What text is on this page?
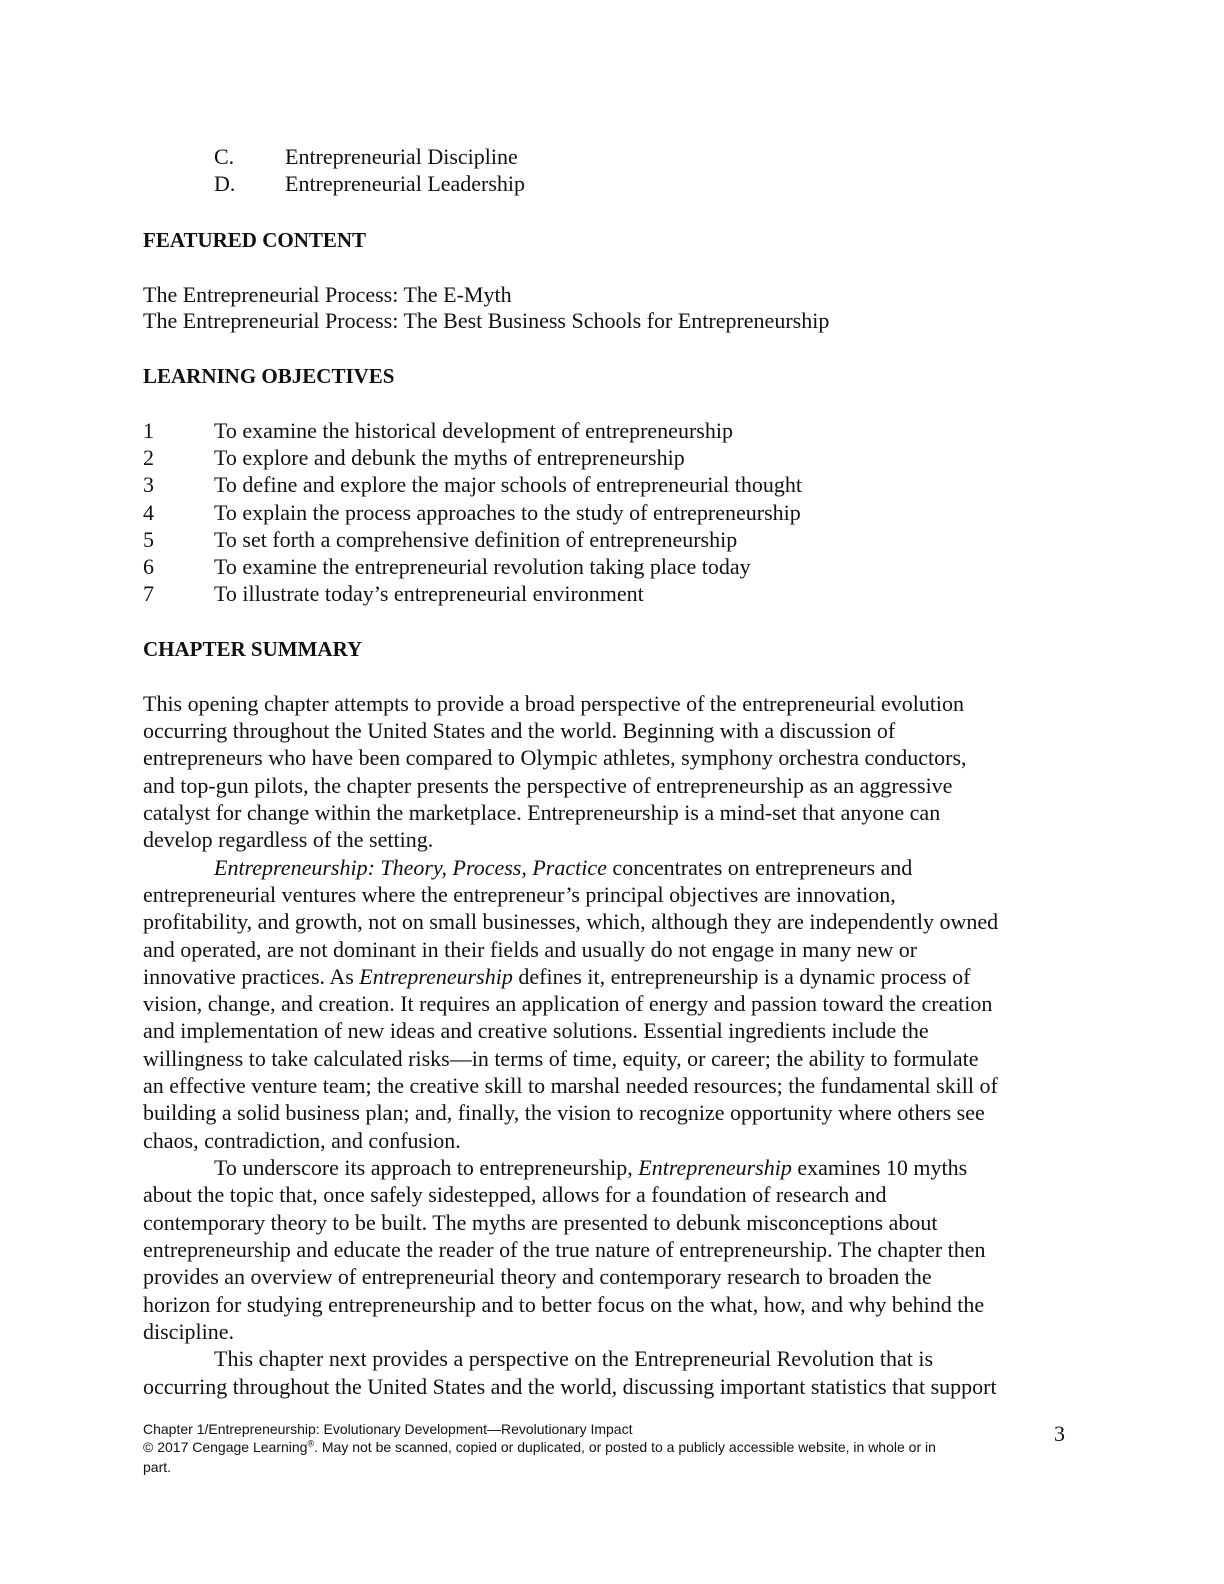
C. Entrepreneurial Discipline
D. Entrepreneurial Leadership
FEATURED CONTENT
The Entrepreneurial Process: The E-Myth
The Entrepreneurial Process: The Best Business Schools for Entrepreneurship
LEARNING OBJECTIVES
1	To examine the historical development of entrepreneurship
2	To explore and debunk the myths of entrepreneurship
3	To define and explore the major schools of entrepreneurial thought
4	To explain the process approaches to the study of entrepreneurship
5	To set forth a comprehensive definition of entrepreneurship
6	To examine the entrepreneurial revolution taking place today
7	To illustrate today’s entrepreneurial environment
CHAPTER SUMMARY
This opening chapter attempts to provide a broad perspective of the entrepreneurial evolution
occurring throughout the United States and the world. Beginning with a discussion of
entrepreneurs who have been compared to Olympic athletes, symphony orchestra conductors,
and top-gun pilots, the chapter presents the perspective of entrepreneurship as an aggressive
catalyst for change within the marketplace. Entrepreneurship is a mind-set that anyone can
develop regardless of the setting.
Entrepreneurship: Theory, Process, Practice concentrates on entrepreneurs and
entrepreneurial ventures where the entrepreneur’s principal objectives are innovation,
profitability, and growth, not on small businesses, which, although they are independently owned
and operated, are not dominant in their fields and usually do not engage in many new or
innovative practices. As Entrepreneurship defines it, entrepreneurship is a dynamic process of
vision, change, and creation. It requires an application of energy and passion toward the creation
and implementation of new ideas and creative solutions. Essential ingredients include the
willingness to take calculated risks—in terms of time, equity, or career; the ability to formulate
an effective venture team; the creative skill to marshal needed resources; the fundamental skill of
building a solid business plan; and, finally, the vision to recognize opportunity where others see
chaos, contradiction, and confusion.
To underscore its approach to entrepreneurship, Entrepreneurship examines 10 myths
about the topic that, once safely sidestepped, allows for a foundation of research and
contemporary theory to be built. The myths are presented to debunk misconceptions about
entrepreneurship and educate the reader of the true nature of entrepreneurship. The chapter then
provides an overview of entrepreneurial theory and contemporary research to broaden the
horizon for studying entrepreneurship and to better focus on the what, how, and why behind the
discipline.
This chapter next provides a perspective on the Entrepreneurial Revolution that is
occurring throughout the United States and the world, discussing important statistics that support
Chapter 1/Entrepreneurship: Evolutionary Development—Revolutionary Impact	3
© 2017 Cengage Learning®. May not be scanned, copied or duplicated, or posted to a publicly accessible website, in whole or in
part.
